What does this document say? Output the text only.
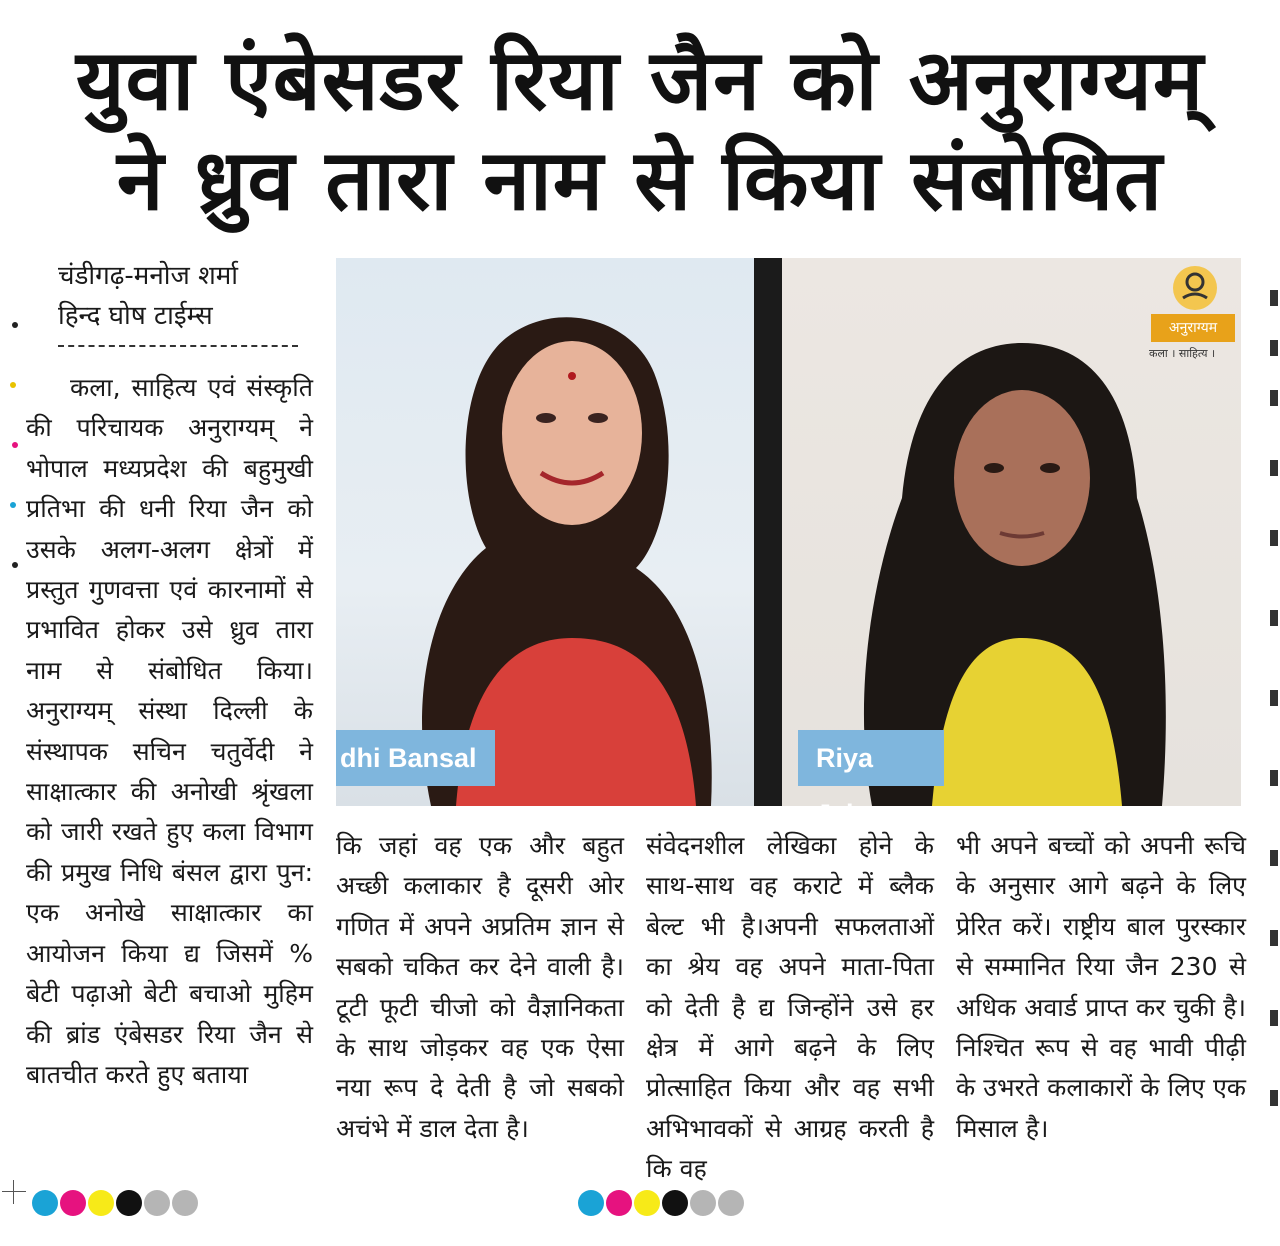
युवा एंबेसडर रिया जैन को अनुराग्यम्
ने ध्रुव तारा नाम से किया संबोधित
चंडीगढ़-मनोज शर्मा
हिन्द घोष टाईम्स
कला, साहित्य एवं संस्कृति की परिचायक अनुराग्यम् ने भोपाल मध्यप्रदेश की बहुमुखी प्रतिभा की धनी रिया जैन को उसके अलग-अलग क्षेत्रों में प्रस्तुत गुणवत्ता एवं कारनामों से प्रभावित होकर उसे ध्रुव तारा नाम से संबोधित किया। अनुराग्यम् संस्था दिल्ली के संस्थापक सचिन चतुर्वेदी ने साक्षात्कार की अनोखी श्रृंखला को जारी रखते हुए कला विभाग की प्रमुख निधि बंसल द्वारा पुन: एक अनोखे साक्षात्कार का आयोजन किया द्य जिसमें % बेटी पढ़ाओ बेटी बचाओ मुहिम की ब्रांड एंबेसडर रिया जैन से बातचीत करते हुए बताया
dhi Bansal	Riya Jain
अनुराग्यम
कला । साहित्य ।
कि जहां वह एक और बहुत अच्छी कलाकार है दूसरी ओर गणित में अपने अप्रतिम ज्ञान से सबको चकित कर देने वाली है। टूटी फूटी चीजो को वैज्ञानिकता के साथ जोड़कर वह एक ऐसा नया रूप दे देती है जो सबको अचंभे में डाल देता है।
संवेदनशील लेखिका होने के साथ-साथ वह कराटे में ब्लैक बेल्ट भी है।अपनी सफलताओं का श्रेय वह अपने माता-पिता को देती है द्य जिन्होंने उसे हर क्षेत्र में आगे बढ़ने के लिए प्रोत्साहित किया और वह सभी अभिभावकों से आग्रह करती है कि वह
भी अपने बच्चों को अपनी रूचि के अनुसार आगे बढ़ने के लिए प्रेरित करें। राष्ट्रीय बाल पुरस्कार से सम्मानित रिया जैन 230 से अधिक अवार्ड प्राप्त कर चुकी है। निश्चित रूप से वह भावी पीढ़ी के उभरते कलाकारों के लिए एक मिसाल है।
